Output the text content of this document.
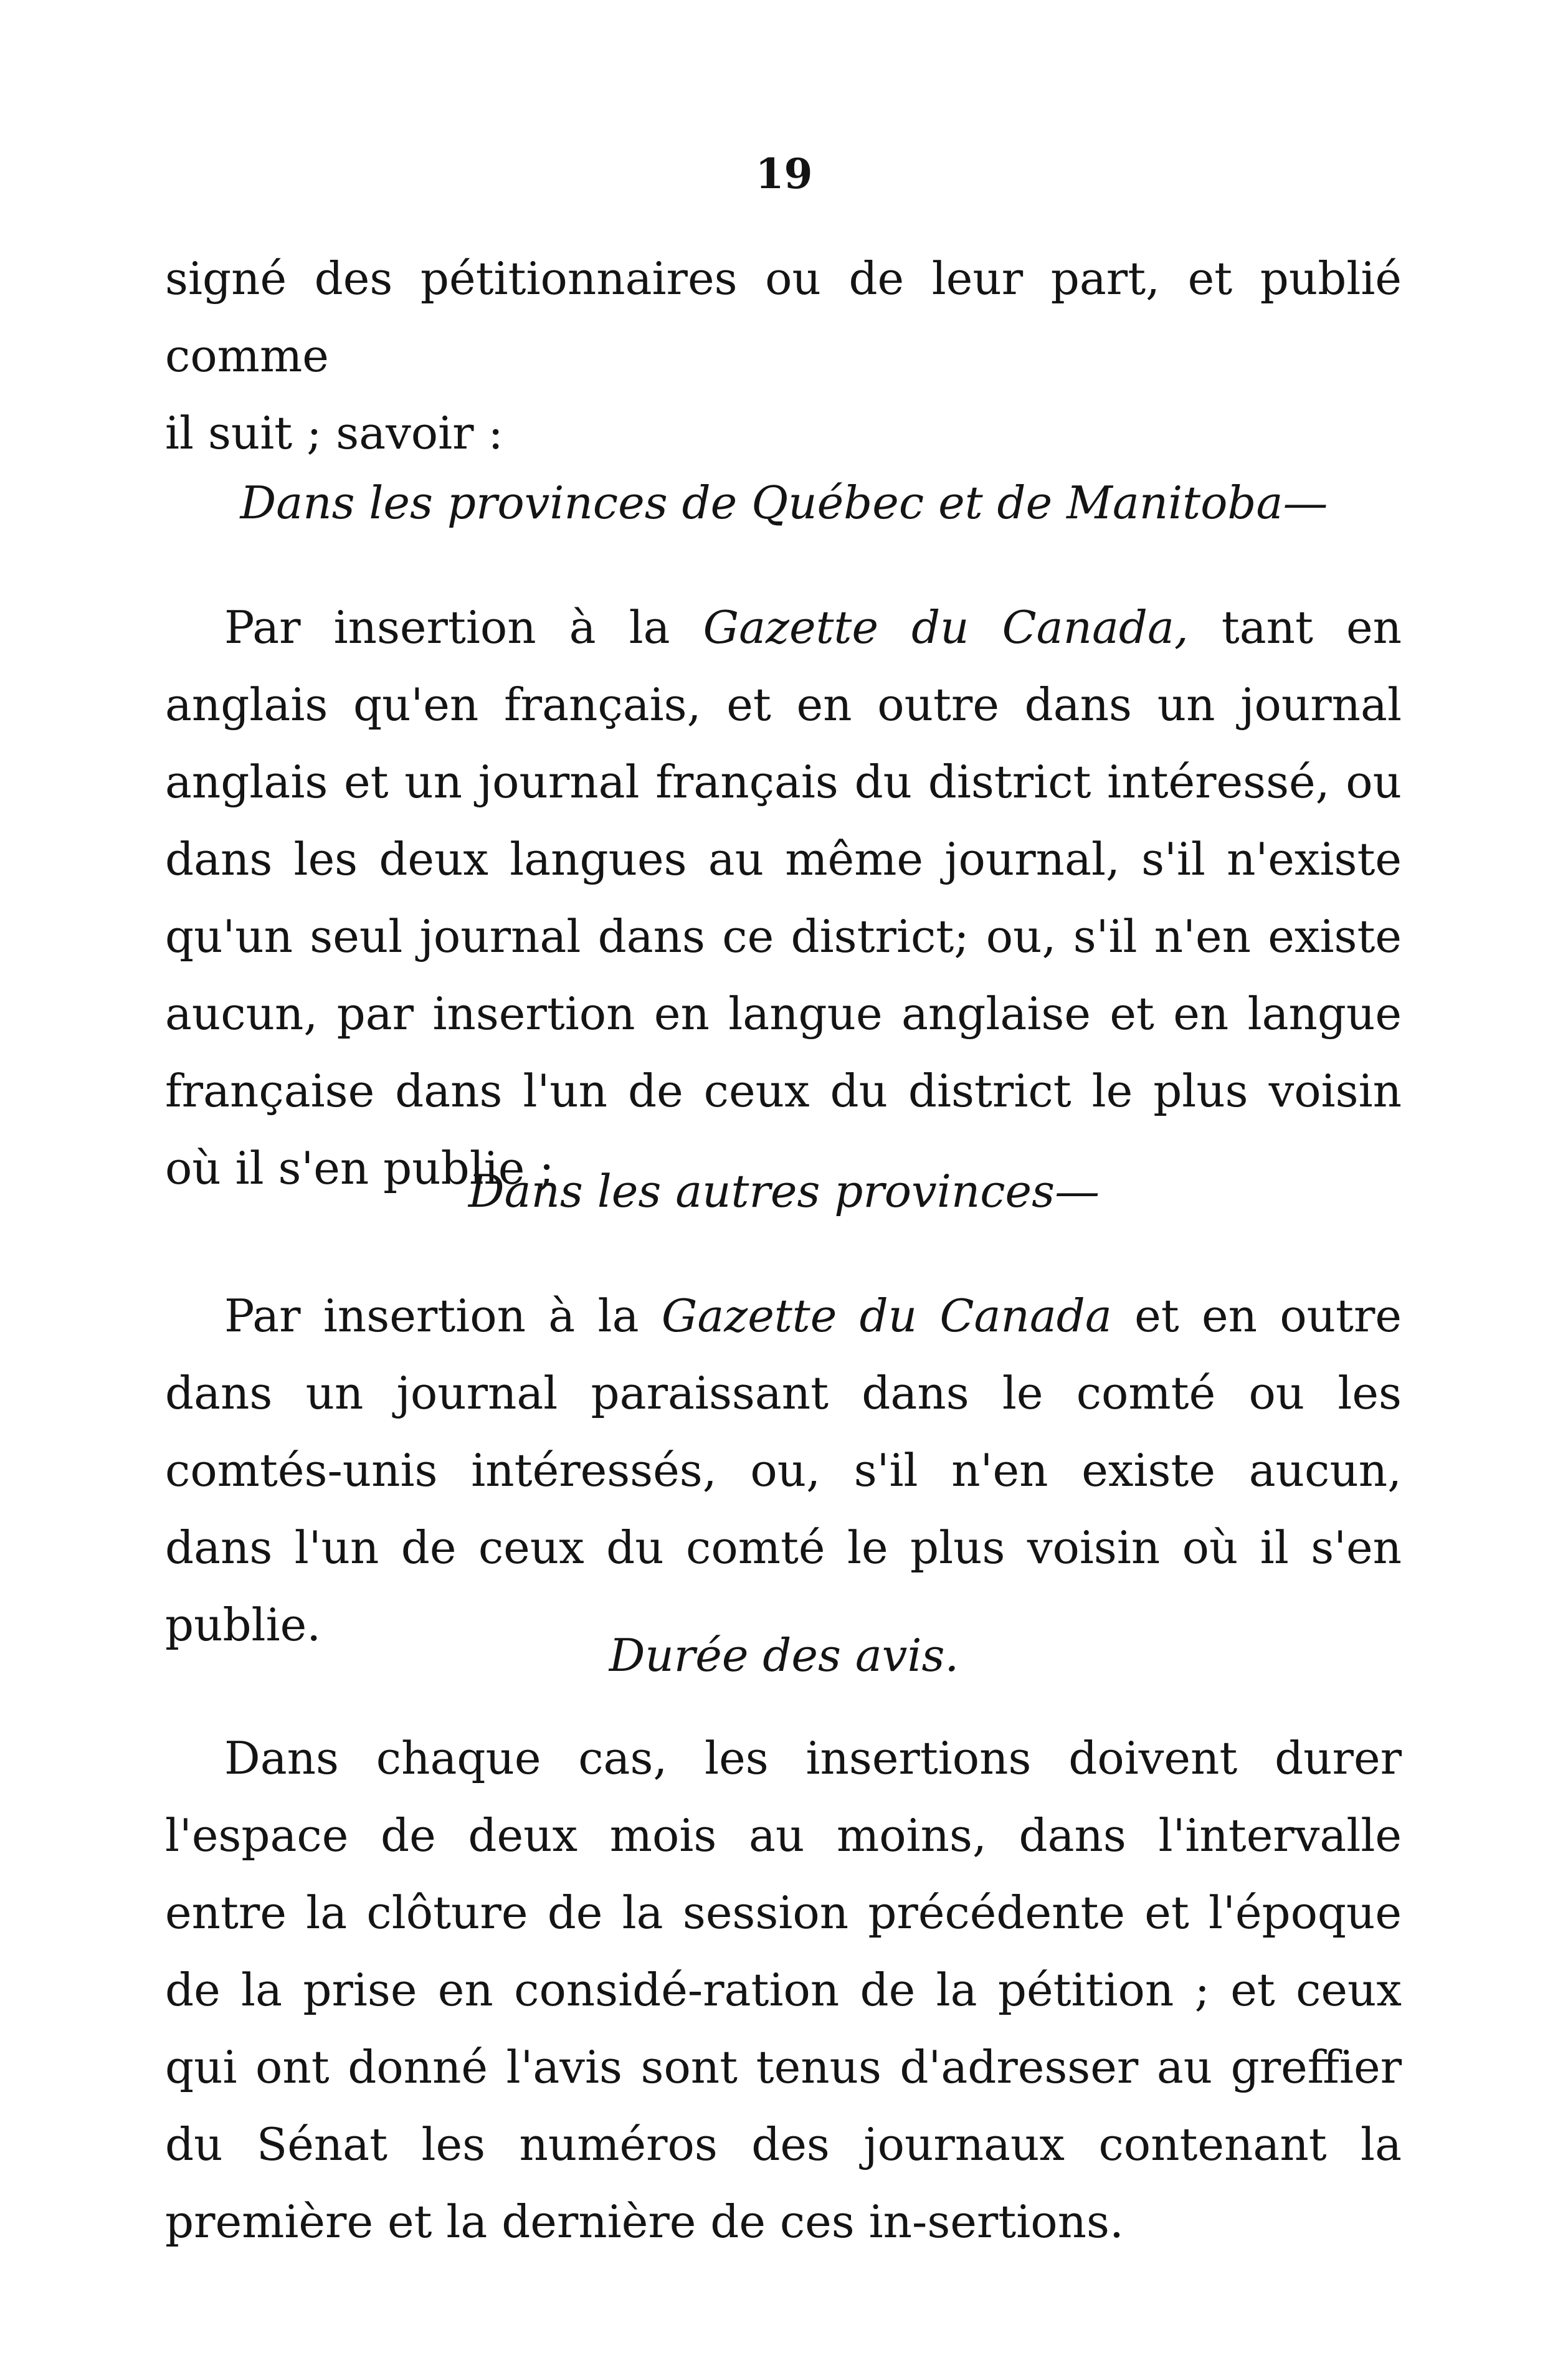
19
signé des pétitionnaires ou de leur part, et publié comme
il suit ; savoir :
Dans les provinces de Québec et de Manitoba—
Par insertion à la Gazette du Canada, tant en anglais qu'en français, et en outre dans un journal anglais et un journal français du district intéressé, ou dans les deux langues au même journal, s'il n'existe qu'un seul journal dans ce district; ou, s'il n'en existe aucun, par insertion en langue anglaise et en langue française dans l'un de ceux du district le plus voisin où il s'en publie ;
Dans les autres provinces—
Par insertion à la Gazette du Canada et en outre dans un journal paraissant dans le comté ou les comtés-unis intéressés, ou, s'il n'en existe aucun, dans l'un de ceux du comté le plus voisin où il s'en publie.
Durée des avis.
Dans chaque cas, les insertions doivent durer l'espace de deux mois au moins, dans l'intervalle entre la clôture de la session précédente et l'époque de la prise en considé-ration de la pétition ; et ceux qui ont donné l'avis sont tenus d'adresser au greffier du Sénat les numéros des journaux contenant la première et la dernière de ces in-sertions.
